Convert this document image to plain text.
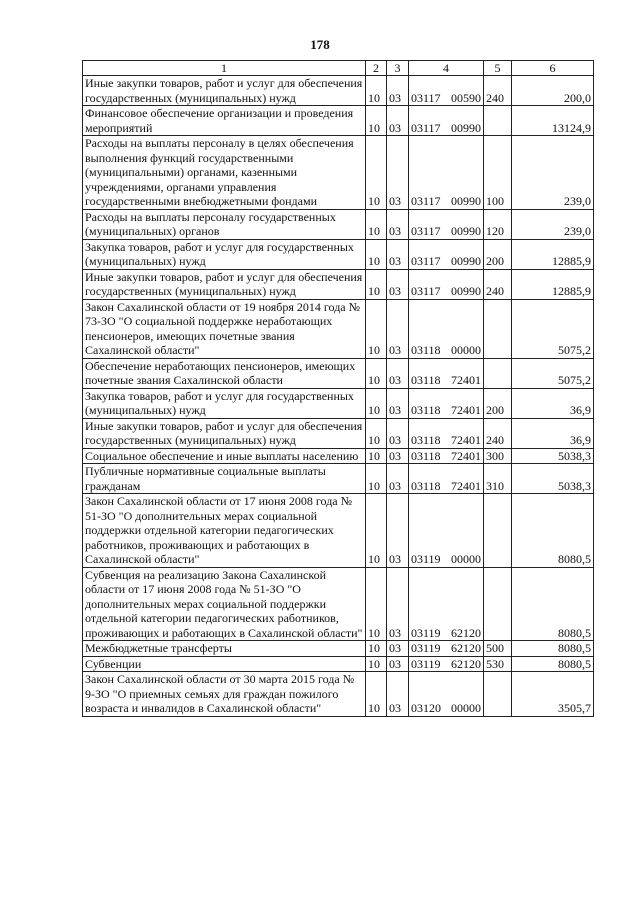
178
1	2	3	4	5	6
Иные закупки товаров, работ и услуг для обеспечения государственных (муниципальных) нужд	10	03	03117 00590	240	200,0
Финансовое обеспечение организации и проведения мероприятий	10	03	03117 00990		13124,9
Расходы на выплаты персоналу в целях обеспечения выполнения функций государственными (муниципальными) органами, казенными учреждениями, органами управления государственными внебюджетными фондами	10	03	03117 00990	100	239,0
Расходы на выплаты персоналу государственных (муниципальных) органов	10	03	03117 00990	120	239,0
Закупка товаров, работ и услуг для государственных (муниципальных) нужд	10	03	03117 00990	200	12885,9
Иные закупки товаров, работ и услуг для обеспечения государственных (муниципальных) нужд	10	03	03117 00990	240	12885,9
Закон Сахалинской области от 19 ноября 2014 года № 73-ЗО "О социальной поддержке неработающих пенсионеров, имеющих почетные звания Сахалинской области"	10	03	03118 00000		5075,2
Обеспечение неработающих пенсионеров, имеющих почетные звания Сахалинской области	10	03	03118 72401		5075,2
Закупка товаров, работ и услуг для государственных (муниципальных) нужд	10	03	03118 72401	200	36,9
Иные закупки товаров, работ и услуг для обеспечения государственных (муниципальных) нужд	10	03	03118 72401	240	36,9
Социальное обеспечение и иные выплаты населению	10	03	03118 72401	300	5038,3
Публичные нормативные социальные выплаты гражданам	10	03	03118 72401	310	5038,3
Закон Сахалинской области от 17 июня 2008 года № 51-ЗО "О дополнительных мерах социальной поддержки отдельной категории педагогических работников, проживающих и работающих в Сахалинской области"	10	03	03119 00000		8080,5
Субвенция на реализацию Закона Сахалинской области от 17 июня 2008 года № 51-ЗО "О дополнительных мерах социальной поддержки отдельной категории педагогических работников, проживающих и работающих в Сахалинской области"	10	03	03119 62120		8080,5
Межбюджетные трансферты	10	03	03119 62120	500	8080,5
Субвенции	10	03	03119 62120	530	8080,5
Закон Сахалинской области от 30 марта 2015 года № 9-ЗО "О приемных семьях для граждан пожилого возраста и инвалидов в Сахалинской области"	10	03	03120 00000		3505,7
